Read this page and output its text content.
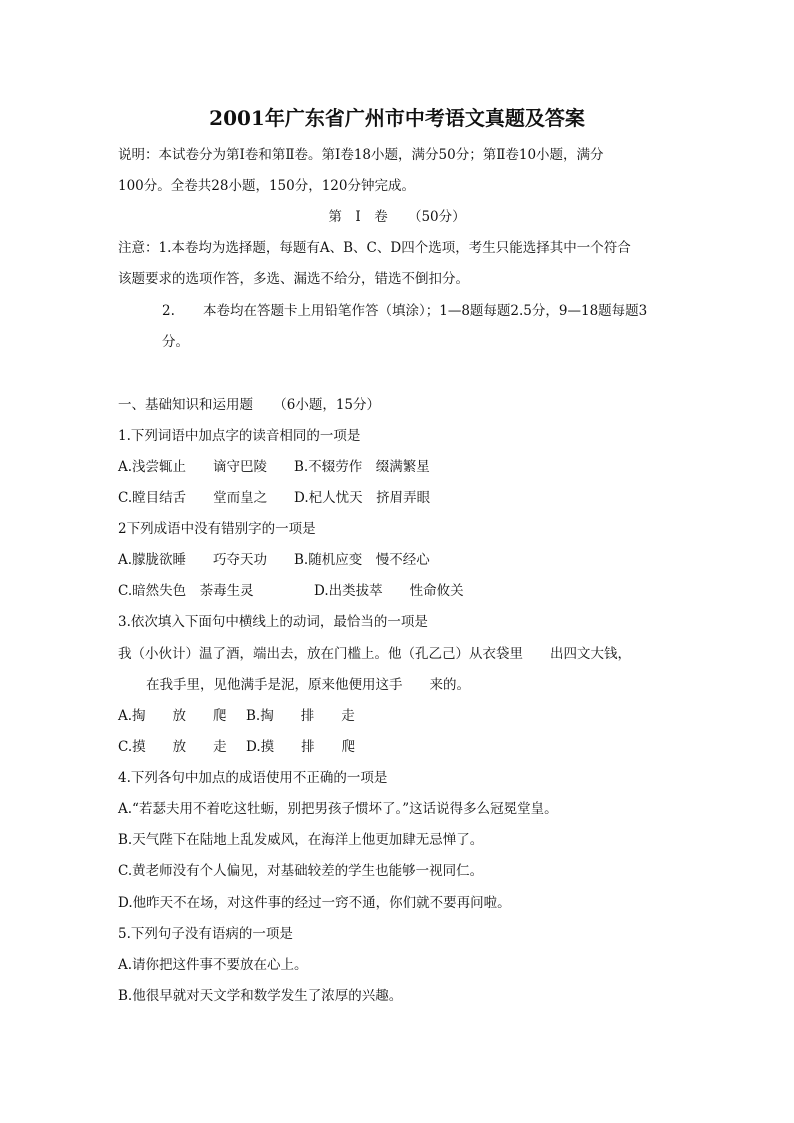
2001年广东省广州市中考语文真题及答案
说明：本试卷分为第Ⅰ卷和第Ⅱ卷。第Ⅰ卷18小题，满分50分；第Ⅱ卷10小题，满分
100分。全卷共28小题，150分，120分钟完成。
第　Ⅰ　卷　　（50分）
注意：1.本卷均为选择题，每题有A、B、C、D四个选项，考生只能选择其中一个符合
该题要求的选项作答，多选、漏选不给分，错选不倒扣分。
2. 本卷均在答题卡上用铅笔作答（填涂）；1—8题每题2.5分，9—18题每题3
分。
一、基础知识和运用题　　（6小题，15分）
1.下列词语中加点字的读音相同的一项是
A.浅尝辄止　　谪守巴陵 B.不辍劳作　缀满繁星
C.瞠目结舌　　堂而皇之 D.杞人忧天　挤眉弄眼
2下列成语中没有错别字的一项是
A.朦胧欲睡　　巧夺天功 B.随机应变　慢不经心
C.暗然失色　荼毒生灵	D.出类拔萃　　性命攸关
3.依次填入下面句中横线上的动词，最恰当的一项是
我（小伙计）温了酒，端出去，放在门槛上。他（孔乙己）从衣袋里　　出四文大钱，
在我手里，见他满手是泥，原来他便用这手　　来的。
A.掏　　放　　爬 B.掏　　排　　走
C.摸　　放　　走 D.摸　　排　　爬
4.下列各句中加点的成语使用不正确的一项是
A.“若瑟夫用不着吃这牡蛎，别把男孩子惯坏了。”这话说得多么冠冕堂皇。
B.天气陛下在陆地上乱发威风，在海洋上他更加肆无忌惮了。
C.黄老师没有个人偏见，对基础较差的学生也能够一视同仁。
D.他昨天不在场，对这件事的经过一窍不通，你们就不要再问啦。
5.下列句子没有语病的一项是
A.请你把这件事不要放在心上。
B.他很早就对天文学和数学发生了浓厚的兴趣。
